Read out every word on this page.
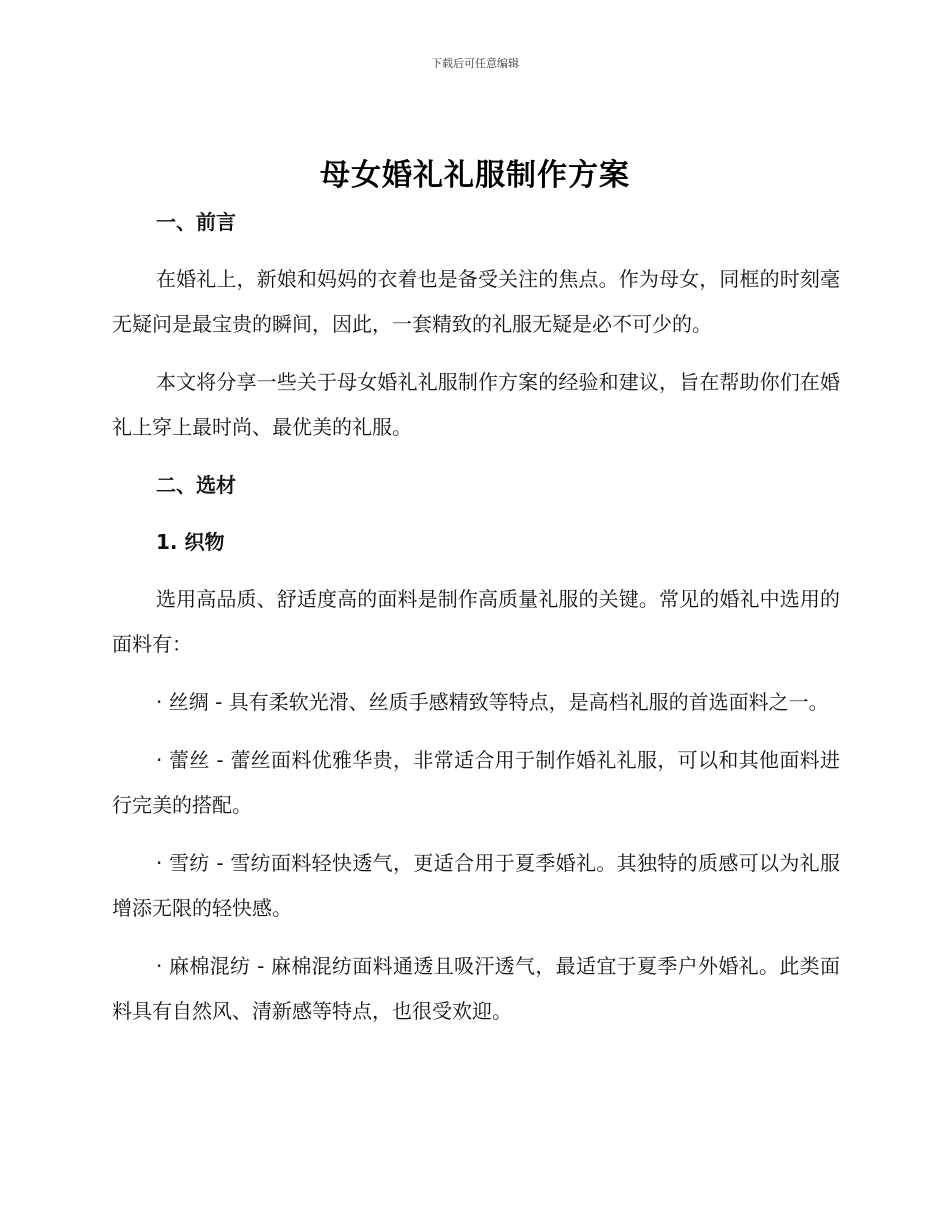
下载后可任意编辑
母女婚礼礼服制作方案
一、前言

在婚礼上，新娘和妈妈的衣着也是备受关注的焦点。作为母女，同框的时刻毫无疑问是最宝贵的瞬间，因此，一套精致的礼服无疑是必不可少的。

本文将分享一些关于母女婚礼礼服制作方案的经验和建议，旨在帮助你们在婚礼上穿上最时尚、最优美的礼服。

二、选材
1. 织物

选用高品质、舒适度高的面料是制作高质量礼服的关键。常见的婚礼中选用的面料有：

· 丝绸 - 具有柔软光滑、丝质手感精致等特点，是高档礼服的首选面料之一。

· 蕾丝 - 蕾丝面料优雅华贵，非常适合用于制作婚礼礼服，可以和其他面料进行完美的搭配。

· 雪纺 - 雪纺面料轻快透气，更适合用于夏季婚礼。其独特的质感可以为礼服增添无限的轻快感。

· 麻棉混纺 - 麻棉混纺面料通透且吸汗透气，最适宜于夏季户外婚礼。此类面料具有自然风、清新感等特点，也很受欢迎。
